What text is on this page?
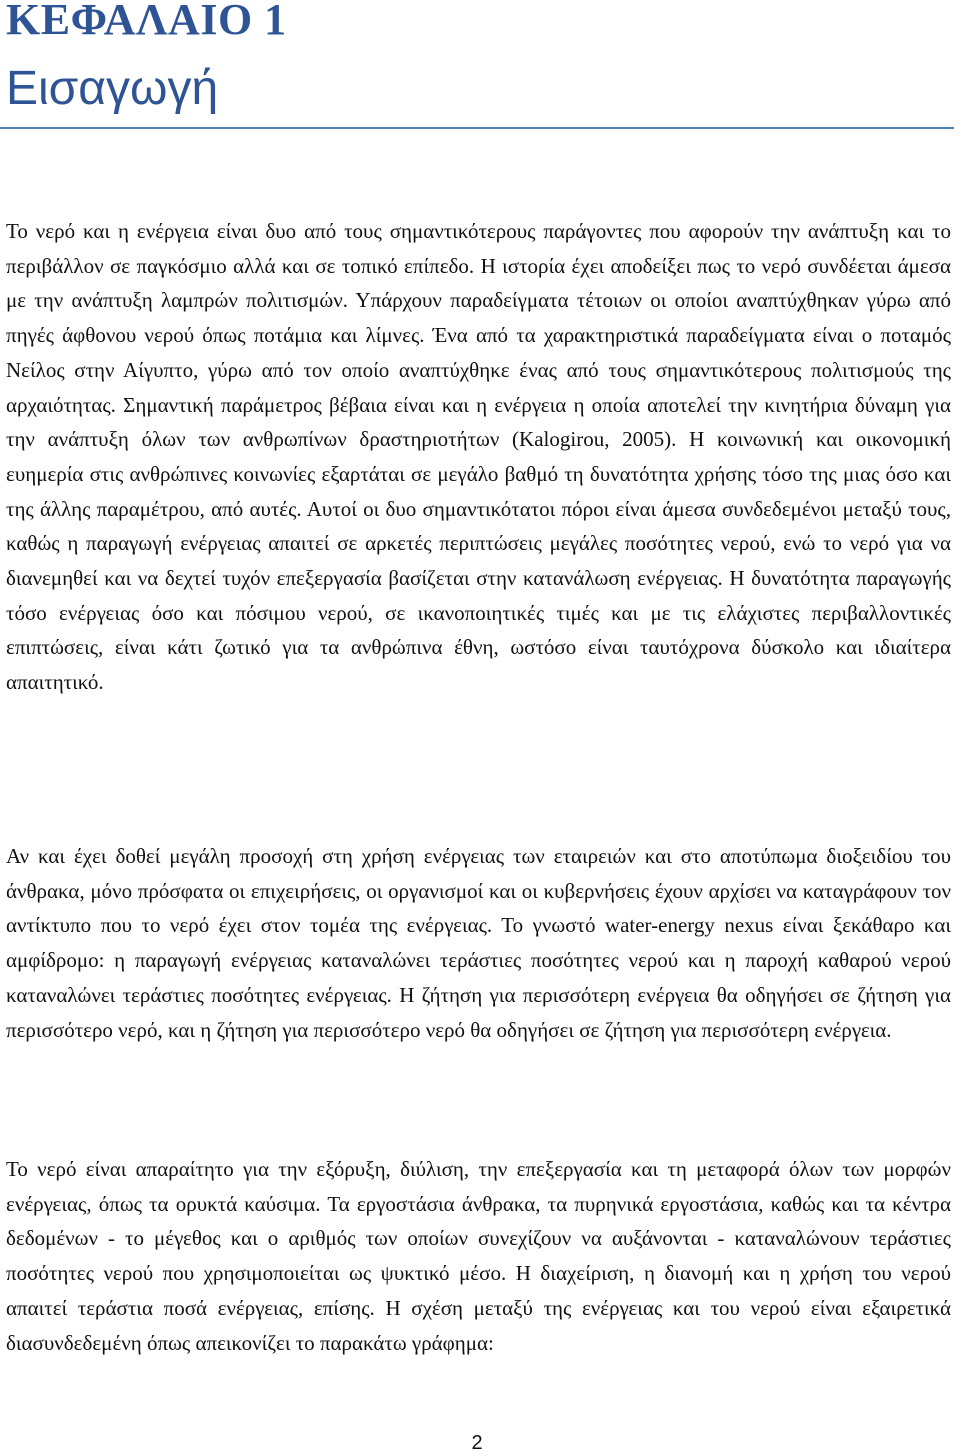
ΚΕΦΑΛΑΙΟ 1
Εισαγωγή

Το νερό και η ενέργεια είναι δυο από τους σημαντικότερους παράγοντες που αφορούν την ανάπτυξη και το περιβάλλον σε παγκόσμιο αλλά και σε τοπικό επίπεδο. Η ιστορία έχει αποδείξει πως το νερό συνδέεται άμεσα με την ανάπτυξη λαμπρών πολιτισμών. Υπάρχουν παραδείγματα τέτοιων οι οποίοι αναπτύχθηκαν γύρω από πηγές άφθονου νερού όπως ποτάμια και λίμνες. Ένα από τα χαρακτηριστικά παραδείγματα είναι ο ποταμός Νείλος στην Αίγυπτο, γύρω από τον οποίο αναπτύχθηκε ένας από τους σημαντικότερους πολιτισμούς της αρχαιότητας. Σημαντική παράμετρος βέβαια είναι και η ενέργεια η οποία αποτελεί την κινητήρια δύναμη για την ανάπτυξη όλων των ανθρωπίνων δραστηριοτήτων (Kalogirou, 2005). Η κοινωνική και οικονομική ευημερία στις ανθρώπινες κοινωνίες εξαρτάται σε μεγάλο βαθμό τη δυνατότητα χρήσης τόσο της μιας όσο και της άλλης παραμέτρου, από αυτές. Αυτοί οι δυο σημαντικότατοι πόροι είναι άμεσα συνδεδεμένοι μεταξύ τους, καθώς η παραγωγή ενέργειας απαιτεί σε αρκετές περιπτώσεις μεγάλες ποσότητες νερού, ενώ το νερό για να διανεμηθεί και να δεχτεί τυχόν επεξεργασία βασίζεται στην κατανάλωση ενέργειας. Η δυνατότητα παραγωγής τόσο ενέργειας όσο και πόσιμου νερού, σε ικανοποιητικές τιμές και με τις ελάχιστες περιβαλλοντικές επιπτώσεις, είναι κάτι ζωτικό για τα ανθρώπινα έθνη, ωστόσο είναι ταυτόχρονα δύσκολο και ιδιαίτερα απαιτητικό.

Αν και έχει δοθεί μεγάλη προσοχή στη χρήση ενέργειας των εταιρειών και στο αποτύπωμα διοξειδίου του άνθρακα, μόνο πρόσφατα οι επιχειρήσεις, οι οργανισμοί και οι κυβερνήσεις έχουν αρχίσει να καταγράφουν τον αντίκτυπο που το νερό έχει στον τομέα της ενέργειας. Το γνωστό water-energy nexus είναι ξεκάθαρο και αμφίδρομο: η παραγωγή ενέργειας καταναλώνει τεράστιες ποσότητες νερού και η παροχή καθαρού νερού καταναλώνει τεράστιες ποσότητες ενέργειας. Η ζήτηση για περισσότερη ενέργεια θα οδηγήσει σε ζήτηση για περισσότερο νερό, και η ζήτηση για περισσότερο νερό θα οδηγήσει σε ζήτηση για περισσότερη ενέργεια.

Το νερό είναι απαραίτητο για την εξόρυξη, διύλιση, την επεξεργασία και τη μεταφορά όλων των μορφών ενέργειας, όπως τα ορυκτά καύσιμα. Τα εργοστάσια άνθρακα, τα πυρηνικά εργοστάσια, καθώς και τα κέντρα δεδομένων - το μέγεθος και ο αριθμός των οποίων συνεχίζουν να αυξάνονται - καταναλώνουν τεράστιες ποσότητες νερού που χρησιμοποιείται ως ψυκτικό μέσο. Η διαχείριση, η διανομή και η χρήση του νερού απαιτεί τεράστια ποσά ενέργειας, επίσης. Η σχέση μεταξύ της ενέργειας και του νερού είναι εξαιρετικά διασυνδεδεμένη όπως απεικονίζει το παρακάτω γράφημα:

2
